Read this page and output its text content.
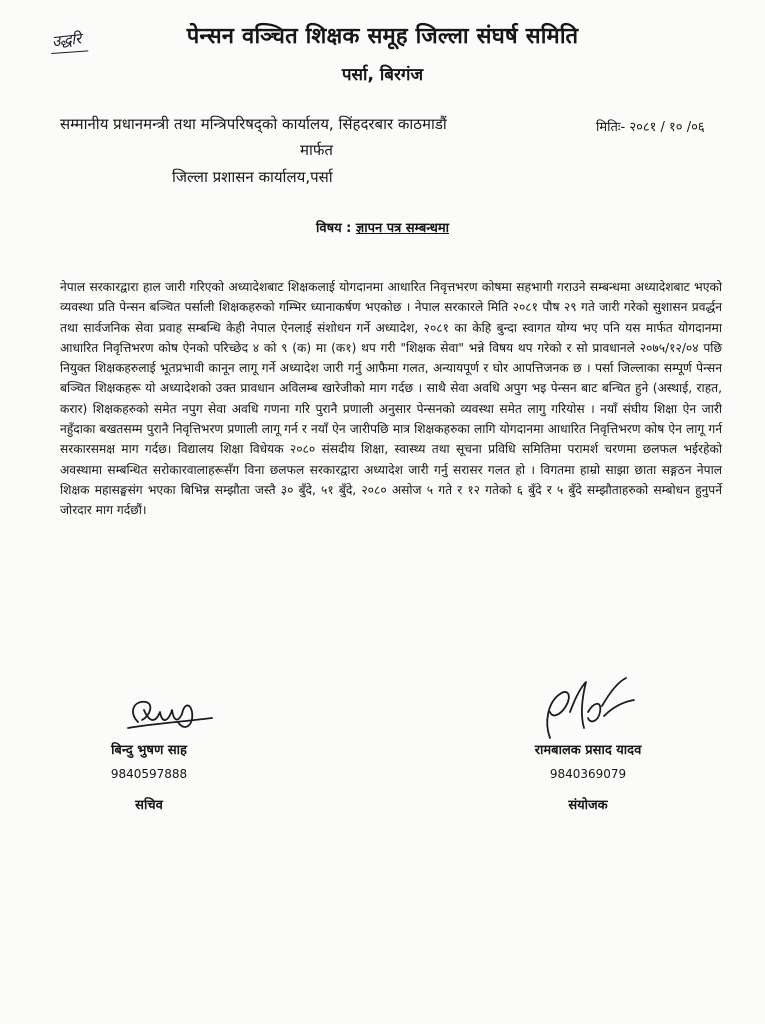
उद्धरि	पेन्सन वञ्चित शिक्षक समूह जिल्ला संघर्ष समिति
पर्सा, बिरगंज
सम्मानीय प्रधानमन्त्री तथा मन्त्रिपरिषद्को कार्यालय, सिंहदरबार काठमाडौं	मितिः- २०८१ / १० /०६
मार्फत
जिल्ला प्रशासन कार्यालय,पर्सा
विषय : ज्ञापन पत्र सम्बन्धमा
नेपाल सरकारद्वारा हाल जारी गरिएको अध्यादेशबाट शिक्षकलाई योगदानमा आधारित निवृत्तभरण कोषमा सहभागी गराउने सम्बन्धमा अध्यादेशबाट भएको व्यवस्था प्रति पेन्सन बञ्चित पर्साली शिक्षकहरुको गम्भिर ध्यानाकर्षण भएकोछ । नेपाल सरकारले मिति २०८१ पौष २९ गते जारी गरेको सुशासन प्रवर्द्धन तथा सार्वजनिक सेवा प्रवाह सम्बन्धि केही नेपाल ऐनलाई संशोधन गर्ने अध्यादेश, २०८१ का केहि बुन्दा स्वागत योग्य भए पनि यस मार्फत योगदानमा आधारित निवृत्तिभरण कोष ऐनको परिच्छेद ४ को ९ (क) मा (क१) थप गरी "शिक्षक सेवा" भन्ने विषय थप गरेको र सो प्रावधानले २०७५/१२/०४ पछि नियुक्त शिक्षकहरुलाई भूतप्रभावी कानून लागू गर्ने अध्यादेश जारी गर्नु आफैमा गलत, अन्यायपूर्ण र घोर आपत्तिजनक छ । पर्सा जिल्लाका सम्पूर्ण पेन्सन बञ्चित शिक्षकहरू यो अध्यादेशको उक्त प्रावधान अविलम्ब खारेजीको माग गर्दछ । साथै सेवा अवधि अपुग भइ पेन्सन बाट बन्चित हुने (अस्थाई, राहत, करार) शिक्षकहरुको समेत नपुग सेवा अवधि गणना गरि पुरानै प्रणाली अनुसार पेन्सनको व्यवस्था समेत लागु गरियोस । नयाँ संघीय शिक्षा ऐन जारी नहुँदाका बखतसम्म पुरानै निवृत्तिभरण प्रणाली लागू गर्न र नयाँ ऐन जारीपछि मात्र शिक्षकहरुका लागि योगदानमा आधारित निवृत्तिभरण कोष ऐन लागू गर्न सरकारसमक्ष माग गर्दछ। विद्यालय शिक्षा विधेयक २०८० संसदीय शिक्षा, स्वास्थ्य तथा सूचना प्रविधि समितिमा परामर्श चरणमा छलफल भईरहेको अवस्थामा सम्बन्धित सरोकारवालाहरूसँग विना छलफल सरकारद्वारा अध्यादेश जारी गर्नु सरासर गलत हो । विगतमा हाम्रो साझा छाता सङ्गठन नेपाल शिक्षक महासङ्घसंग भएका बिभिन्न सम्झौता जस्तै ३० बुँदे, ५१ बुँदे, २०८० असोज ५ गते र १२ गतेको ६ बुँदे र ५ बुँदे सम्झौताहरुको सम्बोधन हुनुपर्ने जोरदार माग गर्दछौं।
बिन्दु भुषण साह
9840597888
सचिव
रामबालक प्रसाद यादव
9840369079
संयोजक
